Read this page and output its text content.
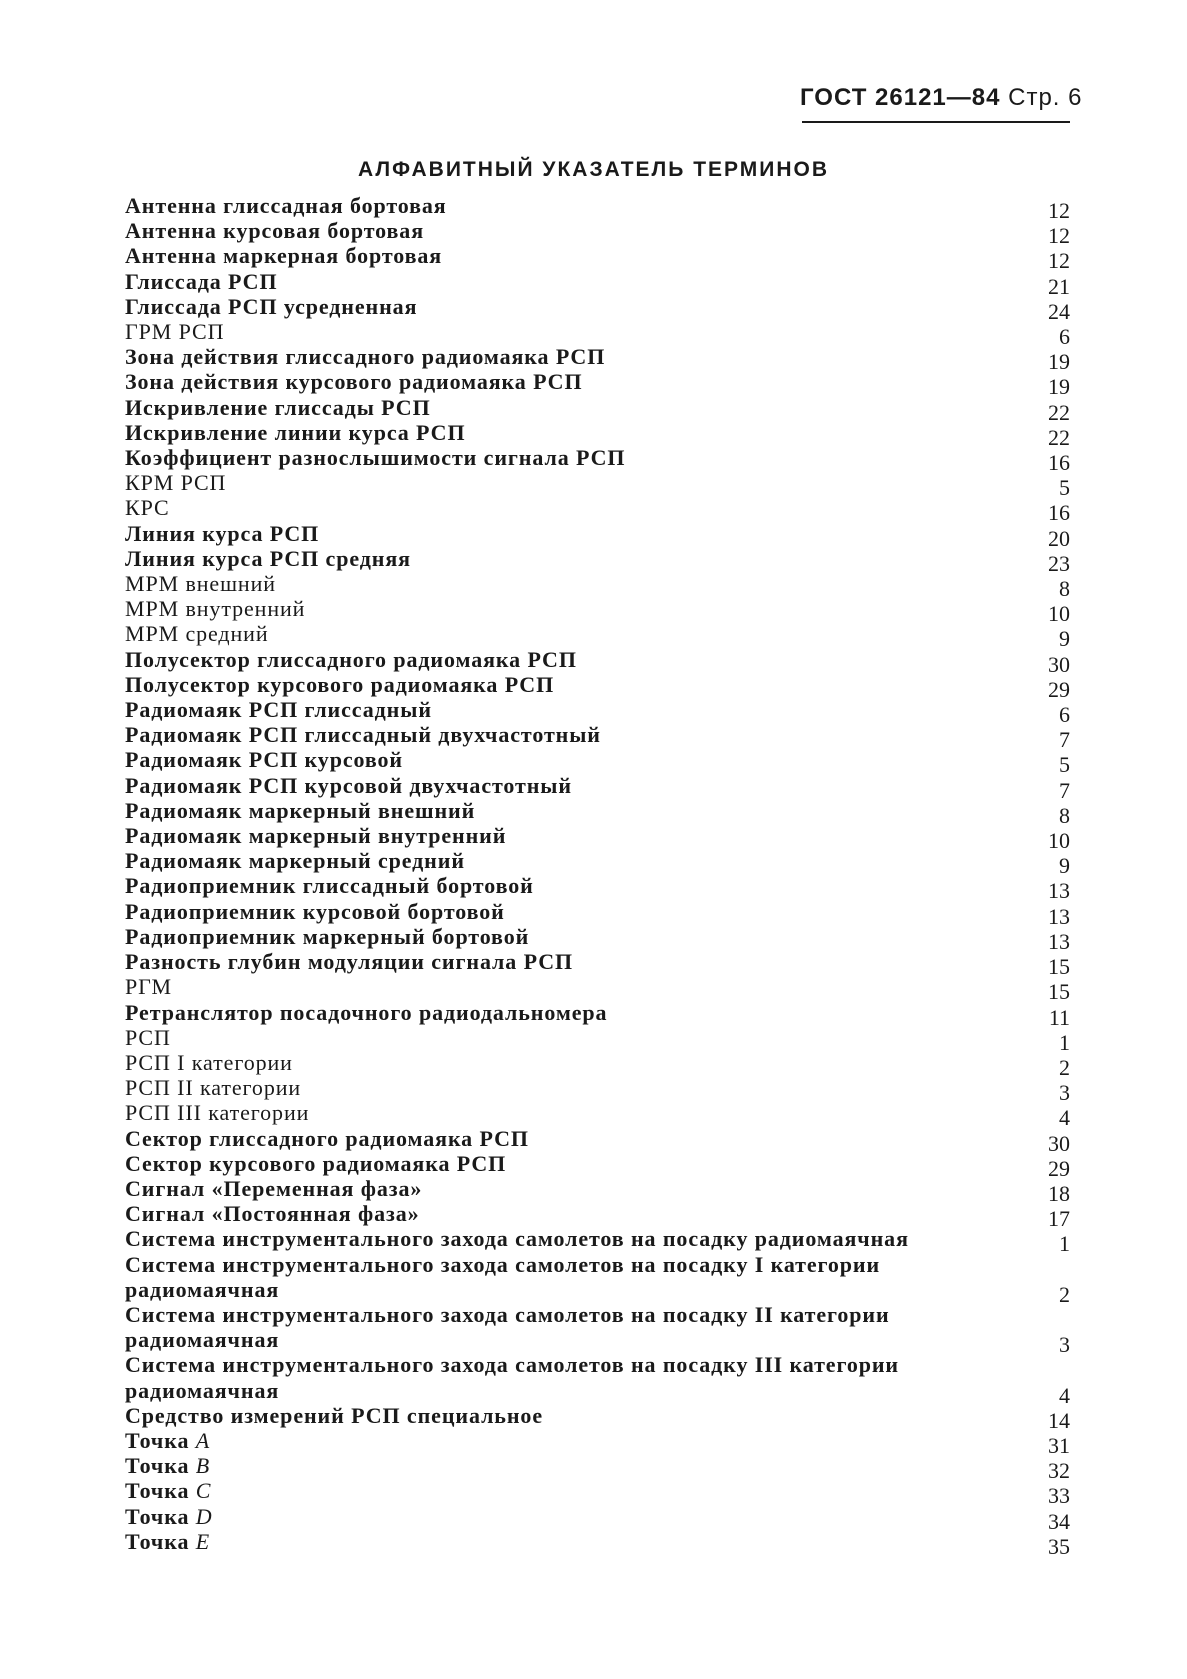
ГОСТ 26121—84 Стр. 6
АЛФАВИТНЫЙ УКАЗАТЕЛЬ ТЕРМИНОВ
Антенна глиссадная бортовая	12
Антенна курсовая бортовая	12
Антенна маркерная бортовая	12
Глиссада РСП	21
Глиссада РСП усредненная	24
ГРМ РСП	6
Зона действия глиссадного радиомаяка РСП	19
Зона действия курсового радиомаяка РСП	19
Искривление глиссады РСП	22
Искривление линии курса РСП	22
Коэффициент разнослышимости сигнала РСП	16
КРМ РСП	5
КРС	16
Линия курса РСП	20
Линия курса РСП средняя	23
МРМ внешний	8
МРМ внутренний	10
МРМ средний	9
Полусектор глиссадного радиомаяка РСП	30
Полусектор курсового радиомаяка РСП	29
Радиомаяк РСП глиссадный	6
Радиомаяк РСП глиссадный двухчастотный	7
Радиомаяк РСП курсовой	5
Радиомаяк РСП курсовой двухчастотный	7
Радиомаяк маркерный внешний	8
Радиомаяк маркерный внутренний	10
Радиомаяк маркерный средний	9
Радиоприемник глиссадный бортовой	13
Радиоприемник курсовой бортовой	13
Радиоприемник маркерный бортовой	13
Разность глубин модуляции сигнала РСП	15
РГМ	15
Ретранслятор посадочного радиодальномера	11
РСП	1
РСП I категории	2
РСП II категории	3
РСП III категории	4
Сектор глиссадного радиомаяка РСП	30
Сектор курсового радиомаяка РСП	29
Сигнал «Переменная фаза»	18
Сигнал «Постоянная фаза»	17
Система инструментального захода самолетов на посадку радиомаячная	1
Система инструментального захода самолетов на посадку I категории радиомаячная	2
Система инструментального захода самолетов на посадку II категории радиомаячная	3
Система инструментального захода самолетов на посадку III категории радиомаячная	4
Средство измерений РСП специальное	14
Точка A	31
Точка B	32
Точка C	33
Точка D	34
Точка E	35
